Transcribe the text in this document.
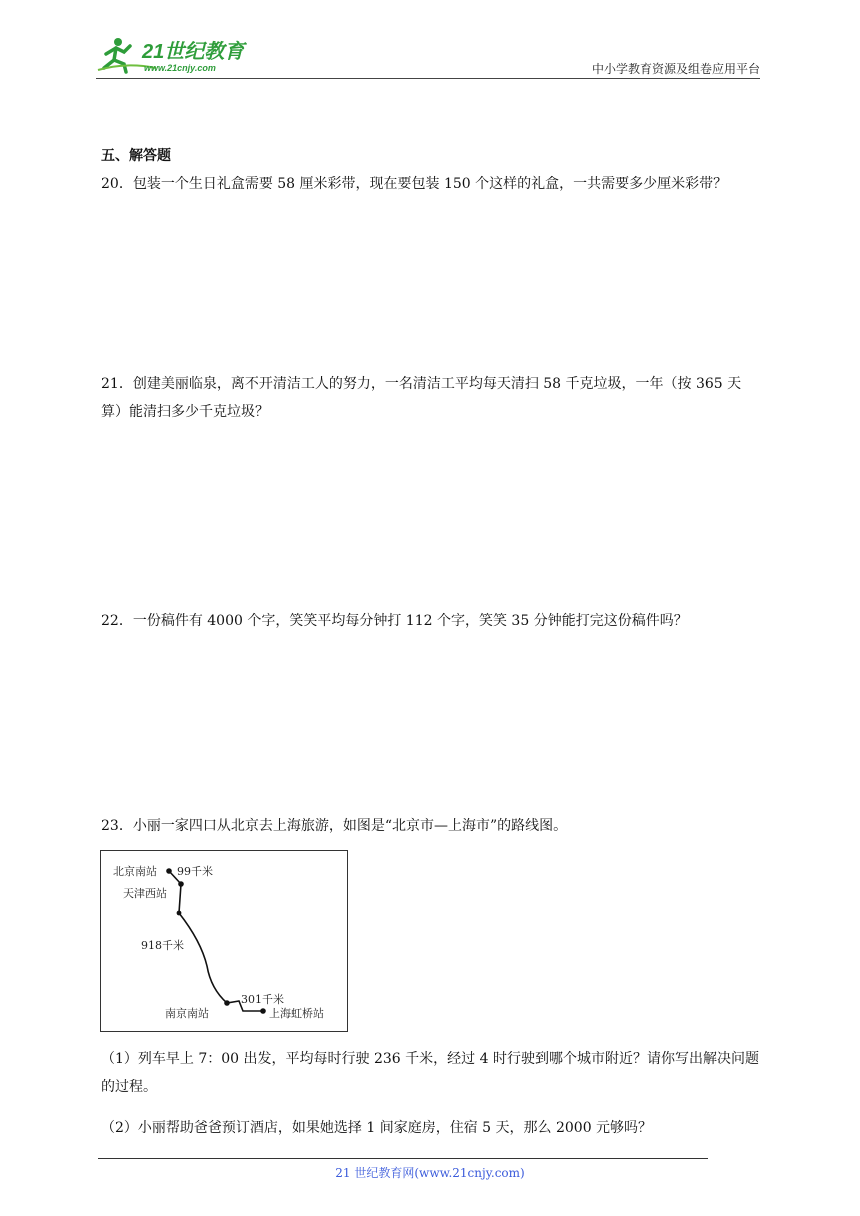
21世纪教育
www.21cnjy.com	中小学教育资源及组卷应用平台
五、解答题
20．包装一个生日礼盒需要 58 厘米彩带，现在要包装 150 个这样的礼盒，一共需要多少厘米彩带？
21．创建美丽临泉，离不开清洁工人的努力，一名清洁工平均每天清扫 58 千克垃圾，一年（按 365 天算）能清扫多少千克垃圾？
22．一份稿件有 4000 个字，笑笑平均每分钟打 112 个字，笑笑 35 分钟能打完这份稿件吗？
23．小丽一家四口从北京去上海旅游，如图是“北京市—上海市”的路线图。
北京南站 99千米
天津西站
918千米
301千米
南京南站	上海虹桥站
（1）列车早上 7：00 出发，平均每时行驶 236 千米，经过 4 时行驶到哪个城市附近？请你写出解决问题的过程。
（2）小丽帮助爸爸预订酒店，如果她选择 1 间家庭房，住宿 5 天，那么 2000 元够吗？
21 世纪教育网(www.21cnjy.com)
